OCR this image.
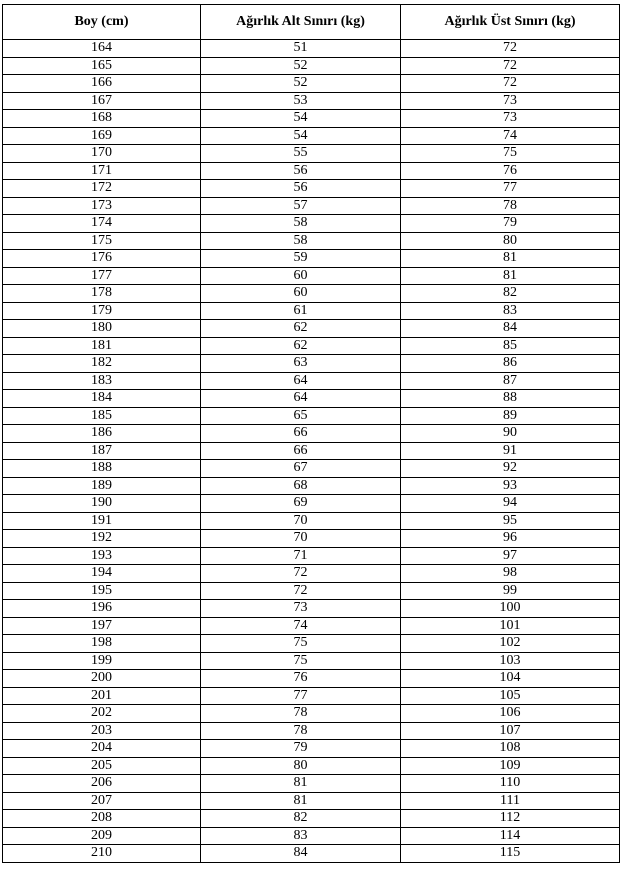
Boy (cm)	Ağırlık Alt Sınırı (kg)	Ağırlık Üst Sınırı (kg)
164	51	72
165	52	72
166	52	72
167	53	73
168	54	73
169	54	74
170	55	75
171	56	76
172	56	77
173	57	78
174	58	79
175	58	80
176	59	81
177	60	81
178	60	82
179	61	83
180	62	84
181	62	85
182	63	86
183	64	87
184	64	88
185	65	89
186	66	90
187	66	91
188	67	92
189	68	93
190	69	94
191	70	95
192	70	96
193	71	97
194	72	98
195	72	99
196	73	100
197	74	101
198	75	102
199	75	103
200	76	104
201	77	105
202	78	106
203	78	107
204	79	108
205	80	109
206	81	110
207	81	111
208	82	112
209	83	114
210	84	115
